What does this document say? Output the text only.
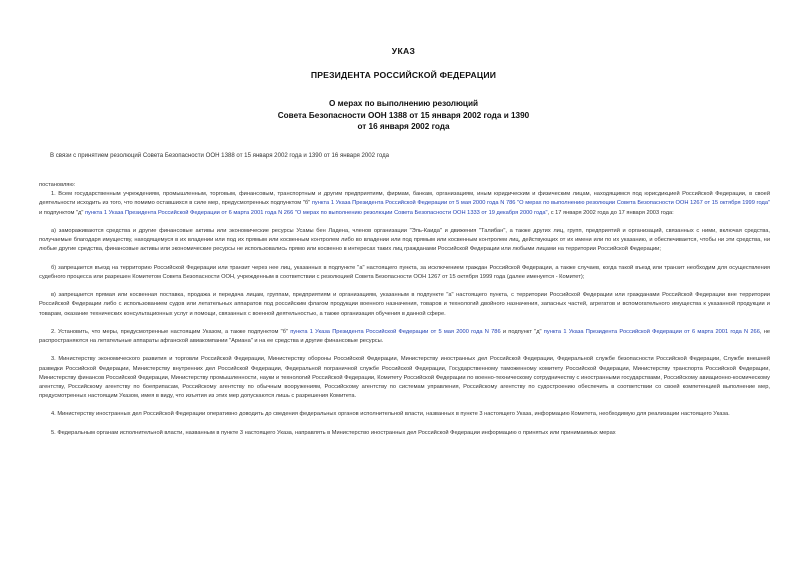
УКАЗ
ПРЕЗИДЕНТА РОССИЙСКОЙ ФЕДЕРАЦИИ
О мерах по выполнению резолюций
Совета Безопасности ООН 1388 от 15 января 2002 года и 1390
от 16 января 2002 года
В связи с принятием резолюций Совета Безопасности ООН 1388 от 15 января 2002 года и 1390 от 16 января 2002 года

постановляю:

1. Всем государственным учреждениям, промышленным, торговым, финансовым, транспортным и другим предприятиям, фирмам, банкам, организациям, иным юридическим и физическим лицам, находящимся под юрисдикцией Российской Федерации, в своей деятельности исходить из того, что помимо оставшихся в силе мер, предусмотренных подпунктом "б" пункта 1 Указа Президента Российской Федерации от 5 мая 2000 года N 786 "О мерах по выполнению резолюции Совета Безопасности ООН 1267 от 15 октября 1999 года" и подпунктом "д" пункта 1 Указа Президента Российской Федерации от 6 марта 2001 года N 266 "О мерах по выполнению резолюции Совета Безопасности ООН 1333 от 19 декабря 2000 года", с 17 января 2002 года до 17 января 2003 года:

а) замораживаются средства и другие финансовые активы или экономические ресурсы Усамы бен Ладена, членов организации "Эль-Каида" и движения "Талибан", а также других лиц, групп, предприятий и организаций, связанных с ними, включая средства, получаемые благодаря имуществу, находящемуся в их владении или под их прямым или косвенным контролем либо во владении или под прямым или косвенным контролем лиц, действующих от их имени или по их указанию, и обеспечивается, чтобы ни эти средства, ни любые другие средства, финансовые активы или экономические ресурсы не использовались прямо или косвенно в интересах таких лиц гражданами Российской Федерации или любыми лицами на территории Российской Федерации;

б) запрещается въезд на территорию Российской Федерации или транзит через нее лиц, указанных в подпункте "а" настоящего пункта, за исключением граждан Российской Федерации, а также случаев, когда такой въезд или транзит необходим для осуществления судебного процесса или разрешен Комитетом Совета Безопасности ООН, учрежденным в соответствии с резолюцией Совета Безопасности ООН 1267 от 15 октября 1999 года (далее именуется - Комитет);

в) запрещается прямая или косвенная поставка, продажа и передача лицам, группам, предприятиям и организациям, указанным в подпункте "а" настоящего пункта, с территории Российской Федерации или гражданами Российской Федерации вне территории Российской Федерации либо с использованием судов или летательных аппаратов под российским флагом продукции военного назначения, товаров и технологий двойного назначения, запасных частей, агрегатов и вспомогательного имущества к указанной продукции и товарам, оказание технических консультационных услуг и помощи, связанных с военной деятельностью, а также организация обучения в данной сфере.

2. Установить, что меры, предусмотренные настоящим Указом, а также подпунктом "б" пункта 1 Указа Президента Российской Федерации от 5 мая 2000 года N 786 и подпункт "д" пункта 1 Указа Президента Российской Федерации от 6 марта 2001 года N 266, не распространяются на летательные аппараты афганской авиакомпании "Ариана" и на ее средства и другие финансовые ресурсы.

3. Министерству экономического развития и торговли Российской Федерации, Министерству обороны Российской Федерации, Министерству иностранных дел Российской Федерации, Федеральной службе безопасности Российской Федерации, Службе внешней разведки Российской Федерации, Министерству внутренних дел Российской Федерации, Федеральной пограничной службе Российской Федерации, Государственному таможенному комитету Российской Федерации, Министерству транспорта Российской Федерации, Министерству финансов Российской Федерации, Министерству промышленности, науки и технологий Российской Федерации, Комитету Российской Федерации по военно-техническому сотрудничеству с иностранными государствами, Российскому авиационно-космическому агентству, Российскому агентству по боеприпасам, Российскому агентству по обычным вооружениям, Российскому агентству по системам управления, Российскому агентству по судостроению обеспечить в соответствии со своей компетенцией выполнение мер, предусмотренных настоящим Указом, имея в виду, что изъятия из этих мер допускаются лишь с разрешения Комитета.

4. Министерству иностранных дел Российской Федерации оперативно доводить до сведения федеральных органов исполнительной власти, названных в пункте 3 настоящего Указа, информацию Комитета, необходимую для реализации настоящего Указа.

5. Федеральным органам исполнительной власти, названным в пункте 3 настоящего Указа, направлять в Министерство иностранных дел Российской Федерации информацию о принятых или принимаемых мерах
